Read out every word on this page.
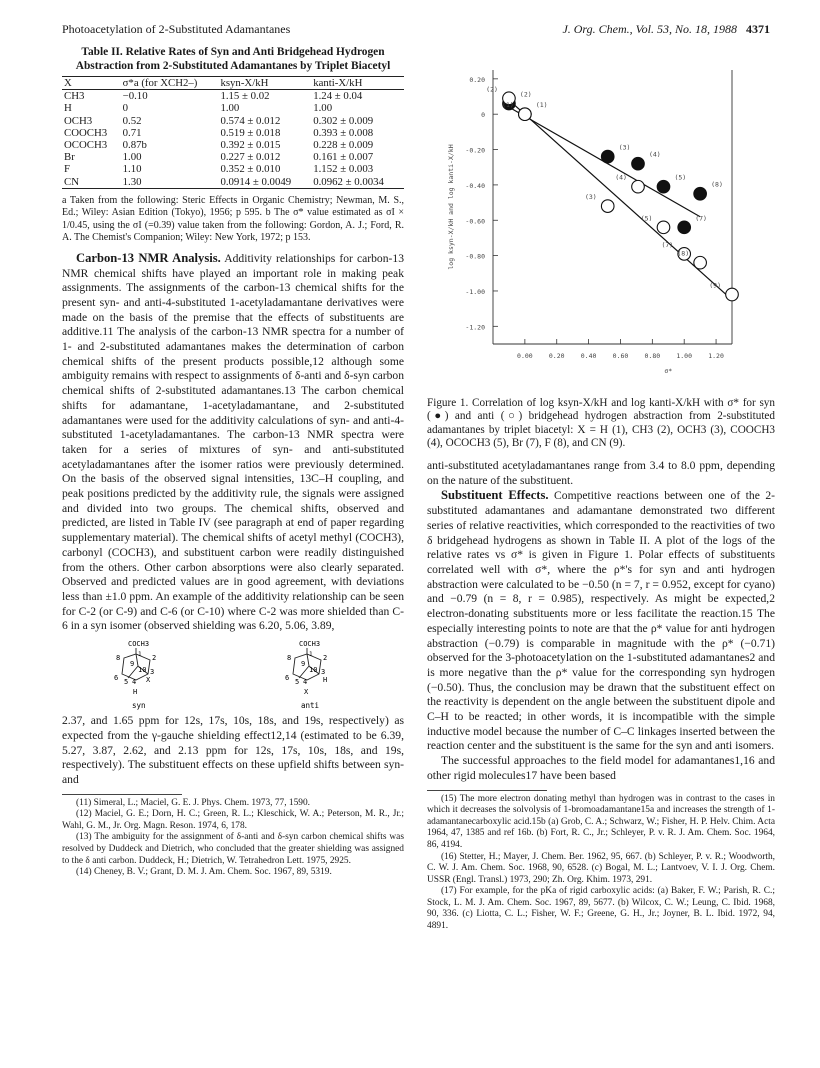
Photoacetylation of 2-Substituted Adamantanes	J. Org. Chem., Vol. 53, No. 18, 1988 4371
Table II. Relative Rates of Syn and Anti Bridgehead Hydrogen Abstraction from 2-Substituted Adamantanes by Triplet Biacetyl
X	σ*a (for XCH2–)	ksyn-X/kH	kanti-X/kH
CH3	−0.10	1.15 ± 0.02	1.24 ± 0.04
H	0	1.00	1.00
OCH3	0.52	0.574 ± 0.012	0.302 ± 0.009
COOCH3	0.71	0.519 ± 0.018	0.393 ± 0.008
OCOCH3	0.87b	0.392 ± 0.015	0.228 ± 0.009
Br	1.00	0.227 ± 0.012	0.161 ± 0.007
F	1.10	0.352 ± 0.010	1.152 ± 0.003
CN	1.30	0.0914 ± 0.0049	0.0962 ± 0.0034
a Taken from the following: Steric Effects in Organic Chemistry; Newman, M. S., Ed.; Wiley: Asian Edition (Tokyo), 1956; p 595. b The σ* value estimated as σI × 1/0.45, using the σI (=0.39) value taken from the following: Gordon, A. J.; Ford, R. A. The Chemist's Companion; Wiley: New York, 1972; p 153.

Carbon-13 NMR Analysis. Additivity relationships for carbon-13 NMR chemical shifts have played an important role in making peak assignments. The assignments of the carbon-13 chemical shifts for the present syn- and anti-4-substituted 1-acetyladamantane derivatives were made on the basis of the premise that the effects of substituents are additive.11 The analysis of the carbon-13 NMR spectra for a number of 1- and 2-substituted adamantanes makes the determination of carbon chemical shifts of the present products possible,12 although some ambiguity remains with respect to assignments of δ-anti and δ-syn carbon chemical shifts of 2-substituted adamantanes.13 The carbon chemical shifts for adamantane, 1-acetyladamantane, and 2-substituted adamantanes were used for the additivity calculations of syn- and anti-4-substituted 1-acetyladamantanes. The carbon-13 NMR spectra were taken for a series of mixtures of syn- and anti-substituted acetyladamantanes after the isomer ratios were previously determined. On the basis of the observed signal intensities, 13C–H coupling, and peak positions predicted by the additivity rule, the signals were assigned and divided into two groups. The chemical shifts, observed and predicted, are listed in Table IV (see paragraph at end of paper regarding supplementary material). The chemical shifts of acetyl methyl (COCH3), carbonyl (COCH3), and substituent carbon were readily distinguished from the others. Other carbon absorptions were also clearly separated. Observed and predicted values are in good agreement, with deviations less than ±1.0 ppm. An example of the additivity relationship can be seen for C-2 (or C-9) and C-6 (or C-10) where C-2 was more shielded than C-6 in a syn isomer (observed shielding was 6.20, 5.06, 3.89,

COCH3
8
9
1 2
10 3
6 5 4 X
H
syn
COCH3
8
9
1 2
10 3
6 5 4 H
X
anti

2.37, and 1.65 ppm for 12s, 17s, 10s, 18s, and 19s, respectively) as expected from the γ-gauche shielding effect12,14 (estimated to be 6.39, 5.27, 3.87, 2.62, and 2.13 ppm for 12s, 17s, 10s, 18s, and 19s, respectively). The substituent effects on these upfield shifts between syn- and

(11) Simeral, L.; Maciel, G. E. J. Phys. Chem. 1973, 77, 1590.

(12) Maciel, G. E.; Dorn, H. C.; Green, R. L.; Kleschick, W. A.; Peterson, M. R., Jr.; Wahl, G. M., Jr. Org. Magn. Reson. 1974, 6, 178.

(13) The ambiguity for the assignment of δ-anti and δ-syn carbon chemical shifts was resolved by Duddeck and Dietrich, who concluded that the greater shielding was assigned to the δ anti carbon. Duddeck, H.; Dietrich, W. Tetrahedron Lett. 1975, 2925.

(14) Cheney, B. V.; Grant, D. M. J. Am. Chem. Soc. 1967, 89, 5319.

0.20
0
-0.20
-0.40
-0.60
-0.80
-1.00
-1.20
0.00 0.20 0.40 0.60 0.80 1.00 1.20
σ*
log ksyn-X/kH and log kanti-X/kH
(2)
(1)
(3)
(4)
(5)
(7)
(8)
(2)
(1)
(3)
(4)
(5)
(7)
(8)
(9)
Figure 1. Correlation of log ksyn-X/kH and log kanti-X/kH with σ* for syn (●) and anti (○) bridgehead hydrogen abstraction from 2-substituted adamantanes by triplet biacetyl: X = H (1), CH3 (2), OCH3 (3), COOCH3 (4), OCOCH3 (5), Br (7), F (8), and CN (9).

anti-substituted acetyladamantanes range from 3.4 to 8.0 ppm, depending on the nature of the substituent.

Substituent Effects. Competitive reactions between one of the 2-substituted adamantanes and adamantane demonstrated two different series of relative reactivities, which corresponded to the reactivities of two δ bridgehead hydrogens as shown in Table II. A plot of the logs of the relative rates vs σ* is given in Figure 1. Polar effects of substituents correlated well with σ*, where the ρ*'s for syn and anti hydrogen abstraction were calculated to be −0.50 (n = 7, r = 0.952, except for cyano) and −0.79 (n = 8, r = 0.985), respectively. As might be expected,2 electron-donating substituents more or less facilitate the reaction.15 The especially interesting points to note are that the ρ* value for anti hydrogen abstraction (−0.79) is comparable in magnitude with the ρ* (−0.71) observed for the 3-photoacetylation on the 1-substituted adamantanes2 and is more negative than the ρ* value for the corresponding syn hydrogen (−0.50). Thus, the conclusion may be drawn that the substituent effect on the reactivity is dependent on the angle between the substituent dipole and C–H to be reacted; in other words, it is incompatible with the simple inductive model because the number of C–C linkages inserted between the reaction center and the substituent is the same for the syn and anti isomers.

The successful approaches to the field model for adamantanes1,16 and other rigid molecules17 have been based

(15) The more electron donating methyl than hydrogen was in contrast to the cases in which it decreases the solvolysis of 1-bromoadamantane15a and increases the strength of 1-adamantanecarboxylic acid.15b (a) Grob, C. A.; Schwarz, W.; Fisher, H. P. Helv. Chim. Acta 1964, 47, 1385 and ref 16b. (b) Fort, R. C., Jr.; Schleyer, P. v. R. J. Am. Chem. Soc. 1964, 86, 4194.

(16) Stetter, H.; Mayer, J. Chem. Ber. 1962, 95, 667. (b) Schleyer, P. v. R.; Woodworth, C. W. J. Am. Chem. Soc. 1968, 90, 6528. (c) Bogal, M. L.; Lantvoev, V. I. J. Org. Chem. USSR (Engl. Transl.) 1973, 290; Zh. Org. Khim. 1973, 291.

(17) For example, for the pKa of rigid carboxylic acids: (a) Baker, F. W.; Parish, R. C.; Stock, L. M. J. Am. Chem. Soc. 1967, 89, 5677. (b) Wilcox, C. W.; Leung, C. Ibid. 1968, 90, 336. (c) Liotta, C. L.; Fisher, W. F.; Greene, G. H., Jr.; Joyner, B. L. Ibid. 1972, 94, 4891.
